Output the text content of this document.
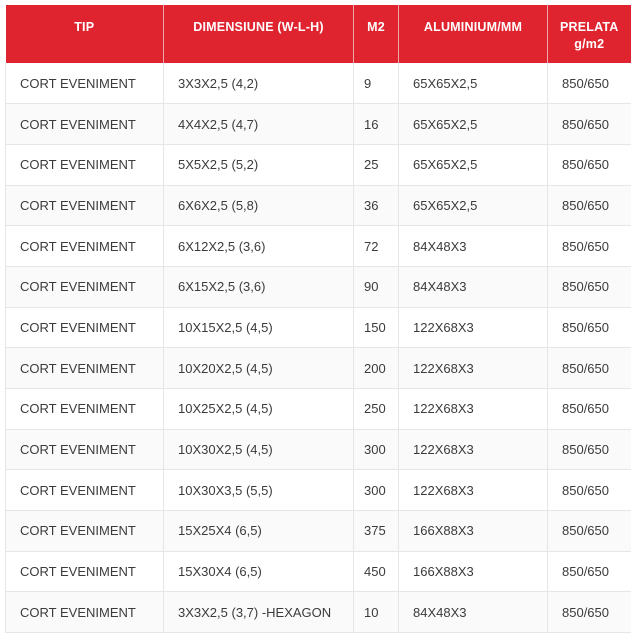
TIP	DIMENSIUNE (W-L-H)	M2	ALUMINIUM/MM	PRELATA
g/m2
CORT EVENIMENT	3X3X2,5 (4,2)	9	65X65X2,5	850/650
CORT EVENIMENT	4X4X2,5 (4,7)	16	65X65X2,5	850/650
CORT EVENIMENT	5X5X2,5 (5,2)	25	65X65X2,5	850/650
CORT EVENIMENT	6X6X2,5 (5,8)	36	65X65X2,5	850/650
CORT EVENIMENT	6X12X2,5 (3,6)	72	84X48X3	850/650
CORT EVENIMENT	6X15X2,5 (3,6)	90	84X48X3	850/650
CORT EVENIMENT	10X15X2,5 (4,5)	150	122X68X3	850/650
CORT EVENIMENT	10X20X2,5 (4,5)	200	122X68X3	850/650
CORT EVENIMENT	10X25X2,5 (4,5)	250	122X68X3	850/650
CORT EVENIMENT	10X30X2,5 (4,5)	300	122X68X3	850/650
CORT EVENIMENT	10X30X3,5 (5,5)	300	122X68X3	850/650
CORT EVENIMENT	15X25X4 (6,5)	375	166X88X3	850/650
CORT EVENIMENT	15X30X4 (6,5)	450	166X88X3	850/650
CORT EVENIMENT	3X3X2,5 (3,7) -HEXAGON	10	84X48X3	850/650
